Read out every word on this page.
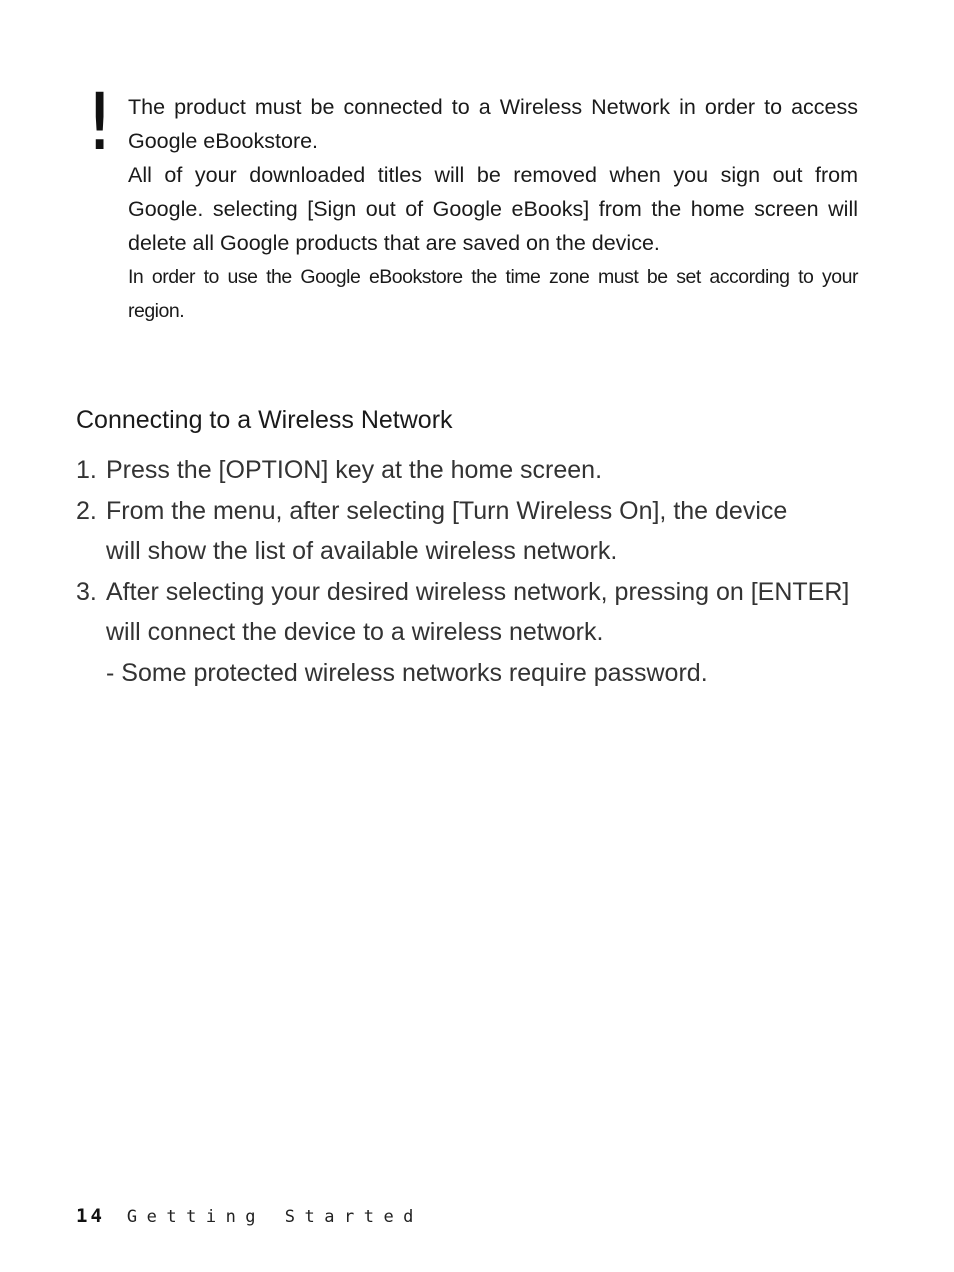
! The product must be connected to a Wireless Network in order to access Google eBookstore.

All of your downloaded titles will be removed when you sign out from Google. selecting [Sign out of Google eBooks] from the home screen will delete all Google products that are saved on the device.

In order to use the Google eBookstore the time zone must be set according to your region.

Connecting to a Wireless Network
1. Press the [OPTION] key at the home screen.
2. From the menu, after selecting [Turn Wireless On], the device
will show the list of available wireless network.
3. After selecting your desired wireless network, pressing on [ENTER]
will connect the device to a wireless network.
- Some protected wireless networks require password.
14 Getting Started
